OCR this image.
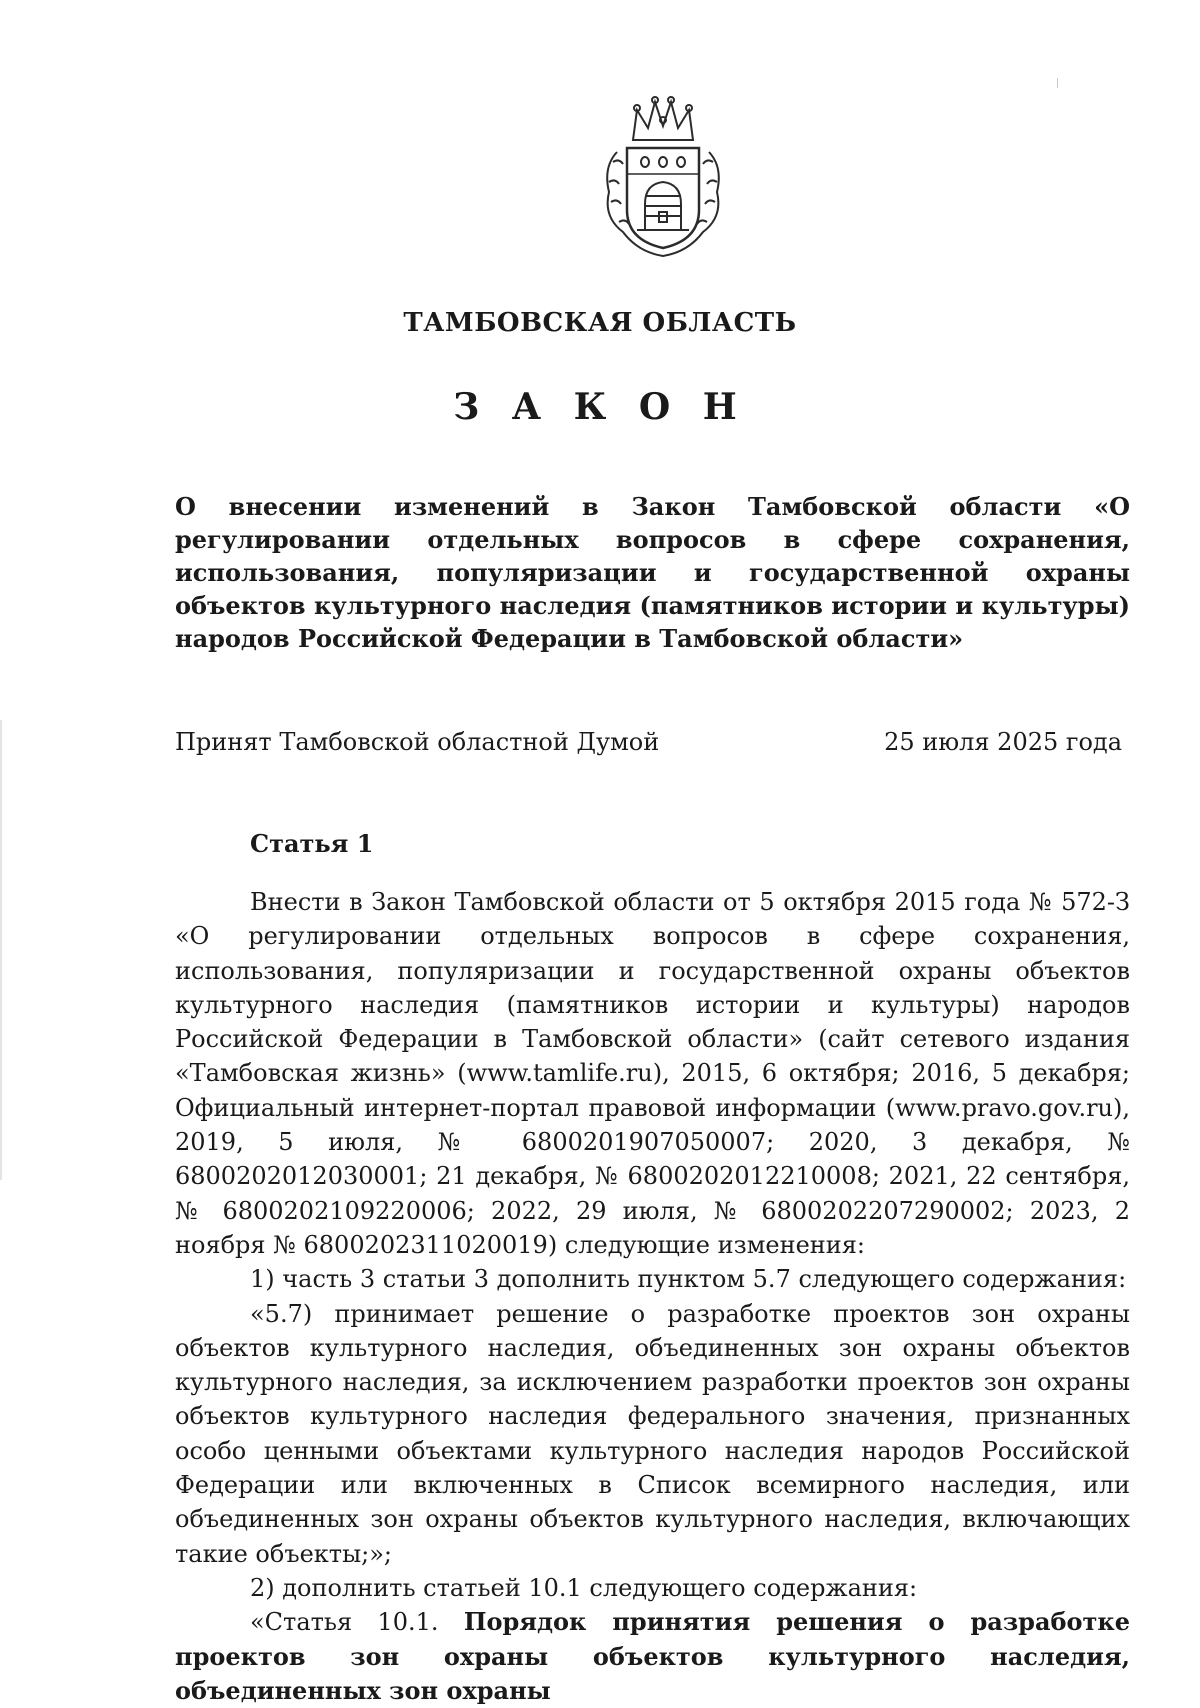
ТАМБОВСКАЯ ОБЛАСТЬ
З А К О Н
О внесении изменений в Закон Тамбовской области «О регулировании отдельных вопросов в сфере сохранения, использования, популяризации и государственной охраны объектов культурного наследия (памятников истории и культуры) народов Российской Федерации в Тамбовской области»
Принят Тамбовской областной Думой	25 июля 2025 года
Статья 1

Внести в Закон Тамбовской области от 5 октября 2015 года № 572-З «О регулировании отдельных вопросов в сфере сохранения, использования, популяризации и государственной охраны объектов культурного наследия (памятников истории и культуры) народов Российской Федерации в Тамбовской области» (сайт сетевого издания «Тамбовская жизнь» (www.tamlife.ru), 2015, 6 октября; 2016, 5 декабря; Официальный интернет-портал правовой информации (www.pravo.gov.ru), 2019, 5 июля, № 6800201907050007; 2020, 3 декабря, № 6800202012030001; 21 декабря, № 6800202012210008; 2021, 22 сентября, № 6800202109220006; 2022, 29 июля, № 6800202207290002; 2023, 2 ноября № 6800202311020019) следующие изменения:

1) часть 3 статьи 3 дополнить пунктом 5.7 следующего содержания:

«5.7) принимает решение о разработке проектов зон охраны объектов культурного наследия, объединенных зон охраны объектов культурного наследия, за исключением разработки проектов зон охраны объектов культурного наследия федерального значения, признанных особо ценными объектами культурного наследия народов Российской Федерации или включенных в Список всемирного наследия, или объединенных зон охраны объектов культурного наследия, включающих такие объекты;»;

2) дополнить статьей 10.1 следующего содержания:

«Статья 10.1. Порядок принятия решения о разработке проектов зон охраны объектов культурного наследия, объединенных зон охраны
